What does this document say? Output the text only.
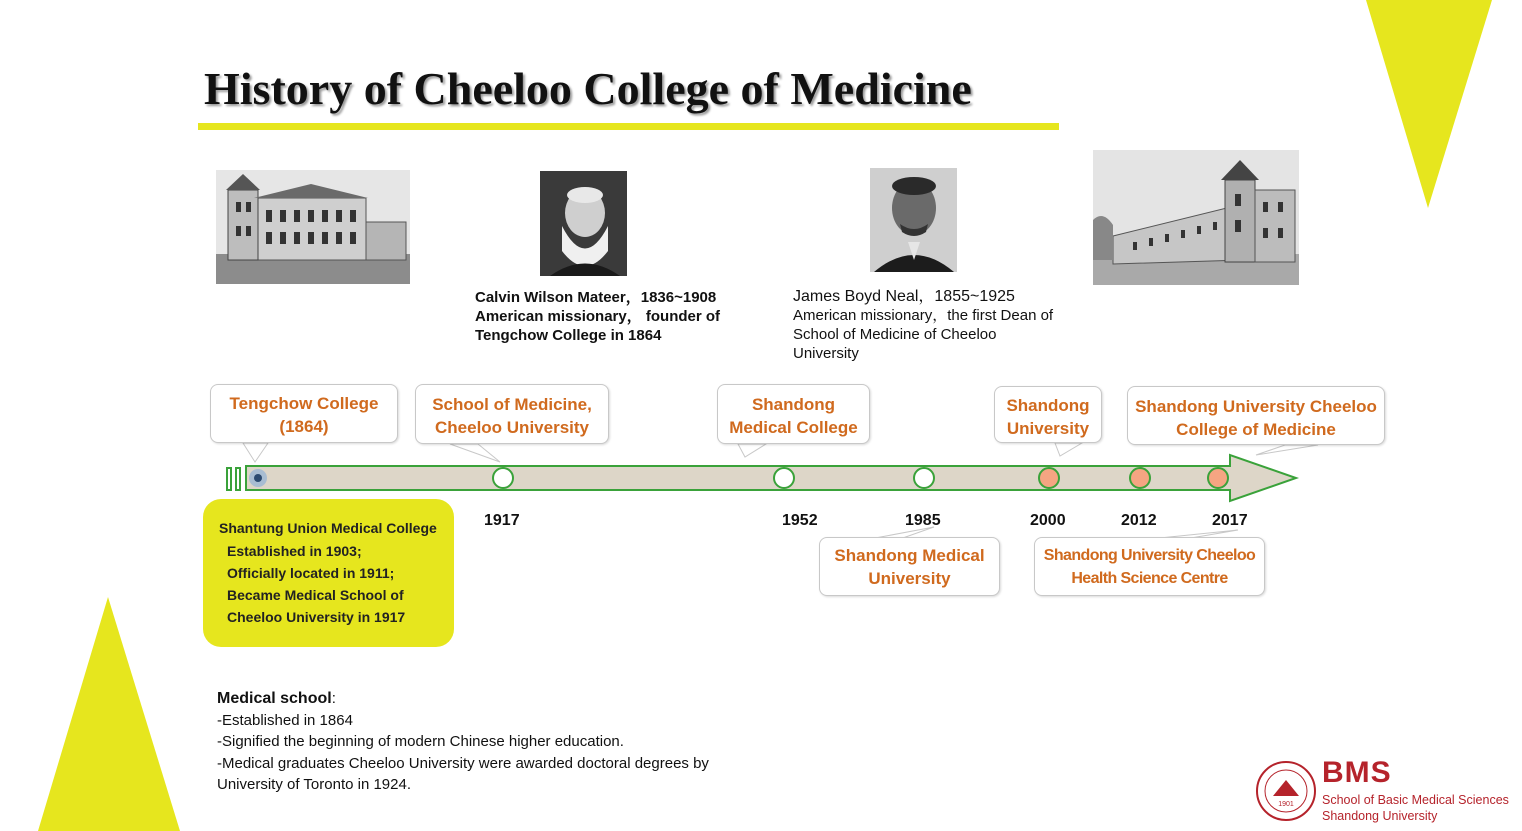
History of Cheeloo College of Medicine
Calvin Wilson Mateer，1836~1908
American missionary， founder of
Tengchow College in 1864
James Boyd Neal，1855~1925
American missionary，the first Dean of
School of Medicine of Cheeloo
University
Tengchow College
(1864)
School of Medicine,
Cheeloo University
Shandong
Medical College
Shandong
University
Shandong University Cheeloo
College of Medicine
1917	1952	1985	2000	2012	2017
Shandong Medical
University
Shandong University Cheeloo
Health Science Centre
Shantung Union Medical College
Established in 1903;
Officially located in 1911;
Became Medical School of
Cheeloo University in 1917
Medical school:
-Established in 1864
-Signified the beginning of modern Chinese higher education.
-Medical graduates Cheeloo University were awarded doctoral degrees by
University of Toronto in 1924.
1901
BMS
School of Basic Medical Sciences
Shandong University
